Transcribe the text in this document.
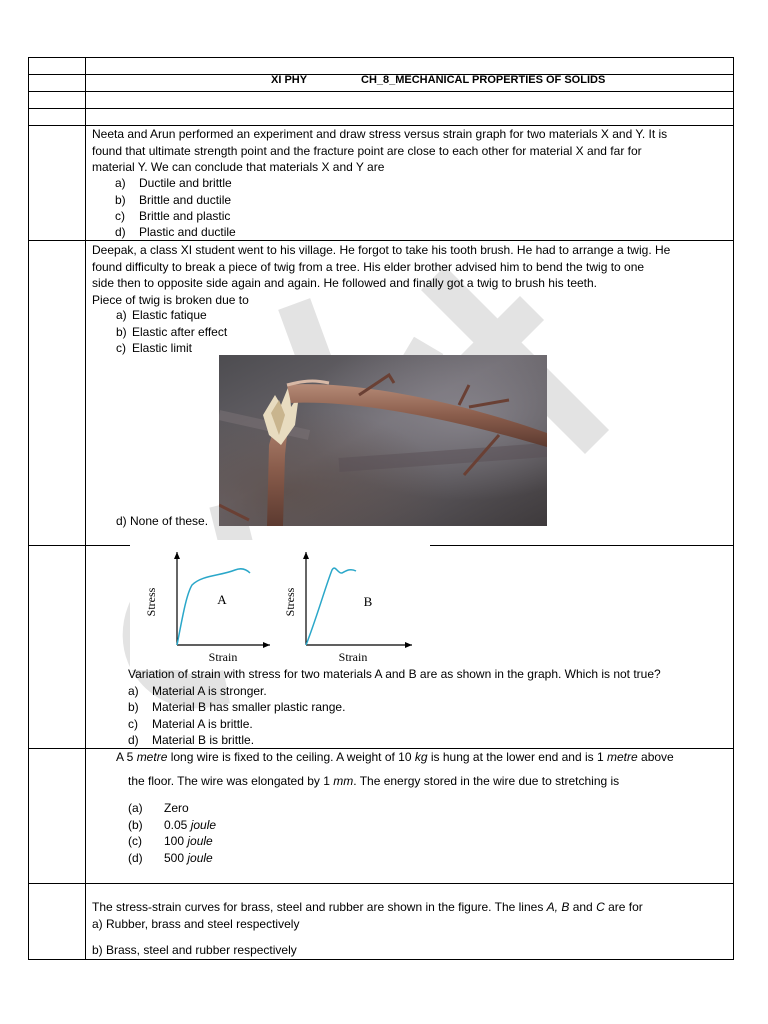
XI PHY	CH_8_MECHANICAL PROPERTIES OF SOLIDS

Neeta and Arun performed an experiment and draw stress versus strain graph for two materials X and Y. It is

found that ultimate strength point and the fracture point are close to each other for material X and far for

material Y. We can conclude that materials X and Y are

a) Ductile and brittle
b) Brittle and ductile
c) Brittle and plastic
d) Plastic and ductile

Deepak, a class XI student went to his village. He forgot to take his tooth brush. He had to arrange a twig. He

found difficulty to break a piece of twig from a tree. His elder brother advised him to bend the twig to one

side then to opposite side again and again. He followed and finally got a twig to brush his teeth.

Piece of twig is broken due to

a) Elastic fatique
b) Elastic after effect
c) Elastic limit
d) None of these.
Stress	A
Strain
Stress	B
Strain
Variation of strain with stress for two materials A and B are as shown in the graph. Which is not true?
a) Material A is stronger.
b) Material B has smaller plastic range.
c) Material A is brittle.
d) Material B is brittle.
A 5 metre long wire is fixed to the ceiling. A weight of 10 kg is hung at the lower end and is 1 metre above
the floor. The wire was elongated by 1 mm. The energy stored in the wire due to stretching is
(a) Zero
(b) 0.05 joule
(c) 100 joule
(d) 500 joule
The stress-strain curves for brass, steel and rubber are shown in the figure. The lines A, B and C are for
a) Rubber, brass and steel respectively
b) Brass, steel and rubber respectively
